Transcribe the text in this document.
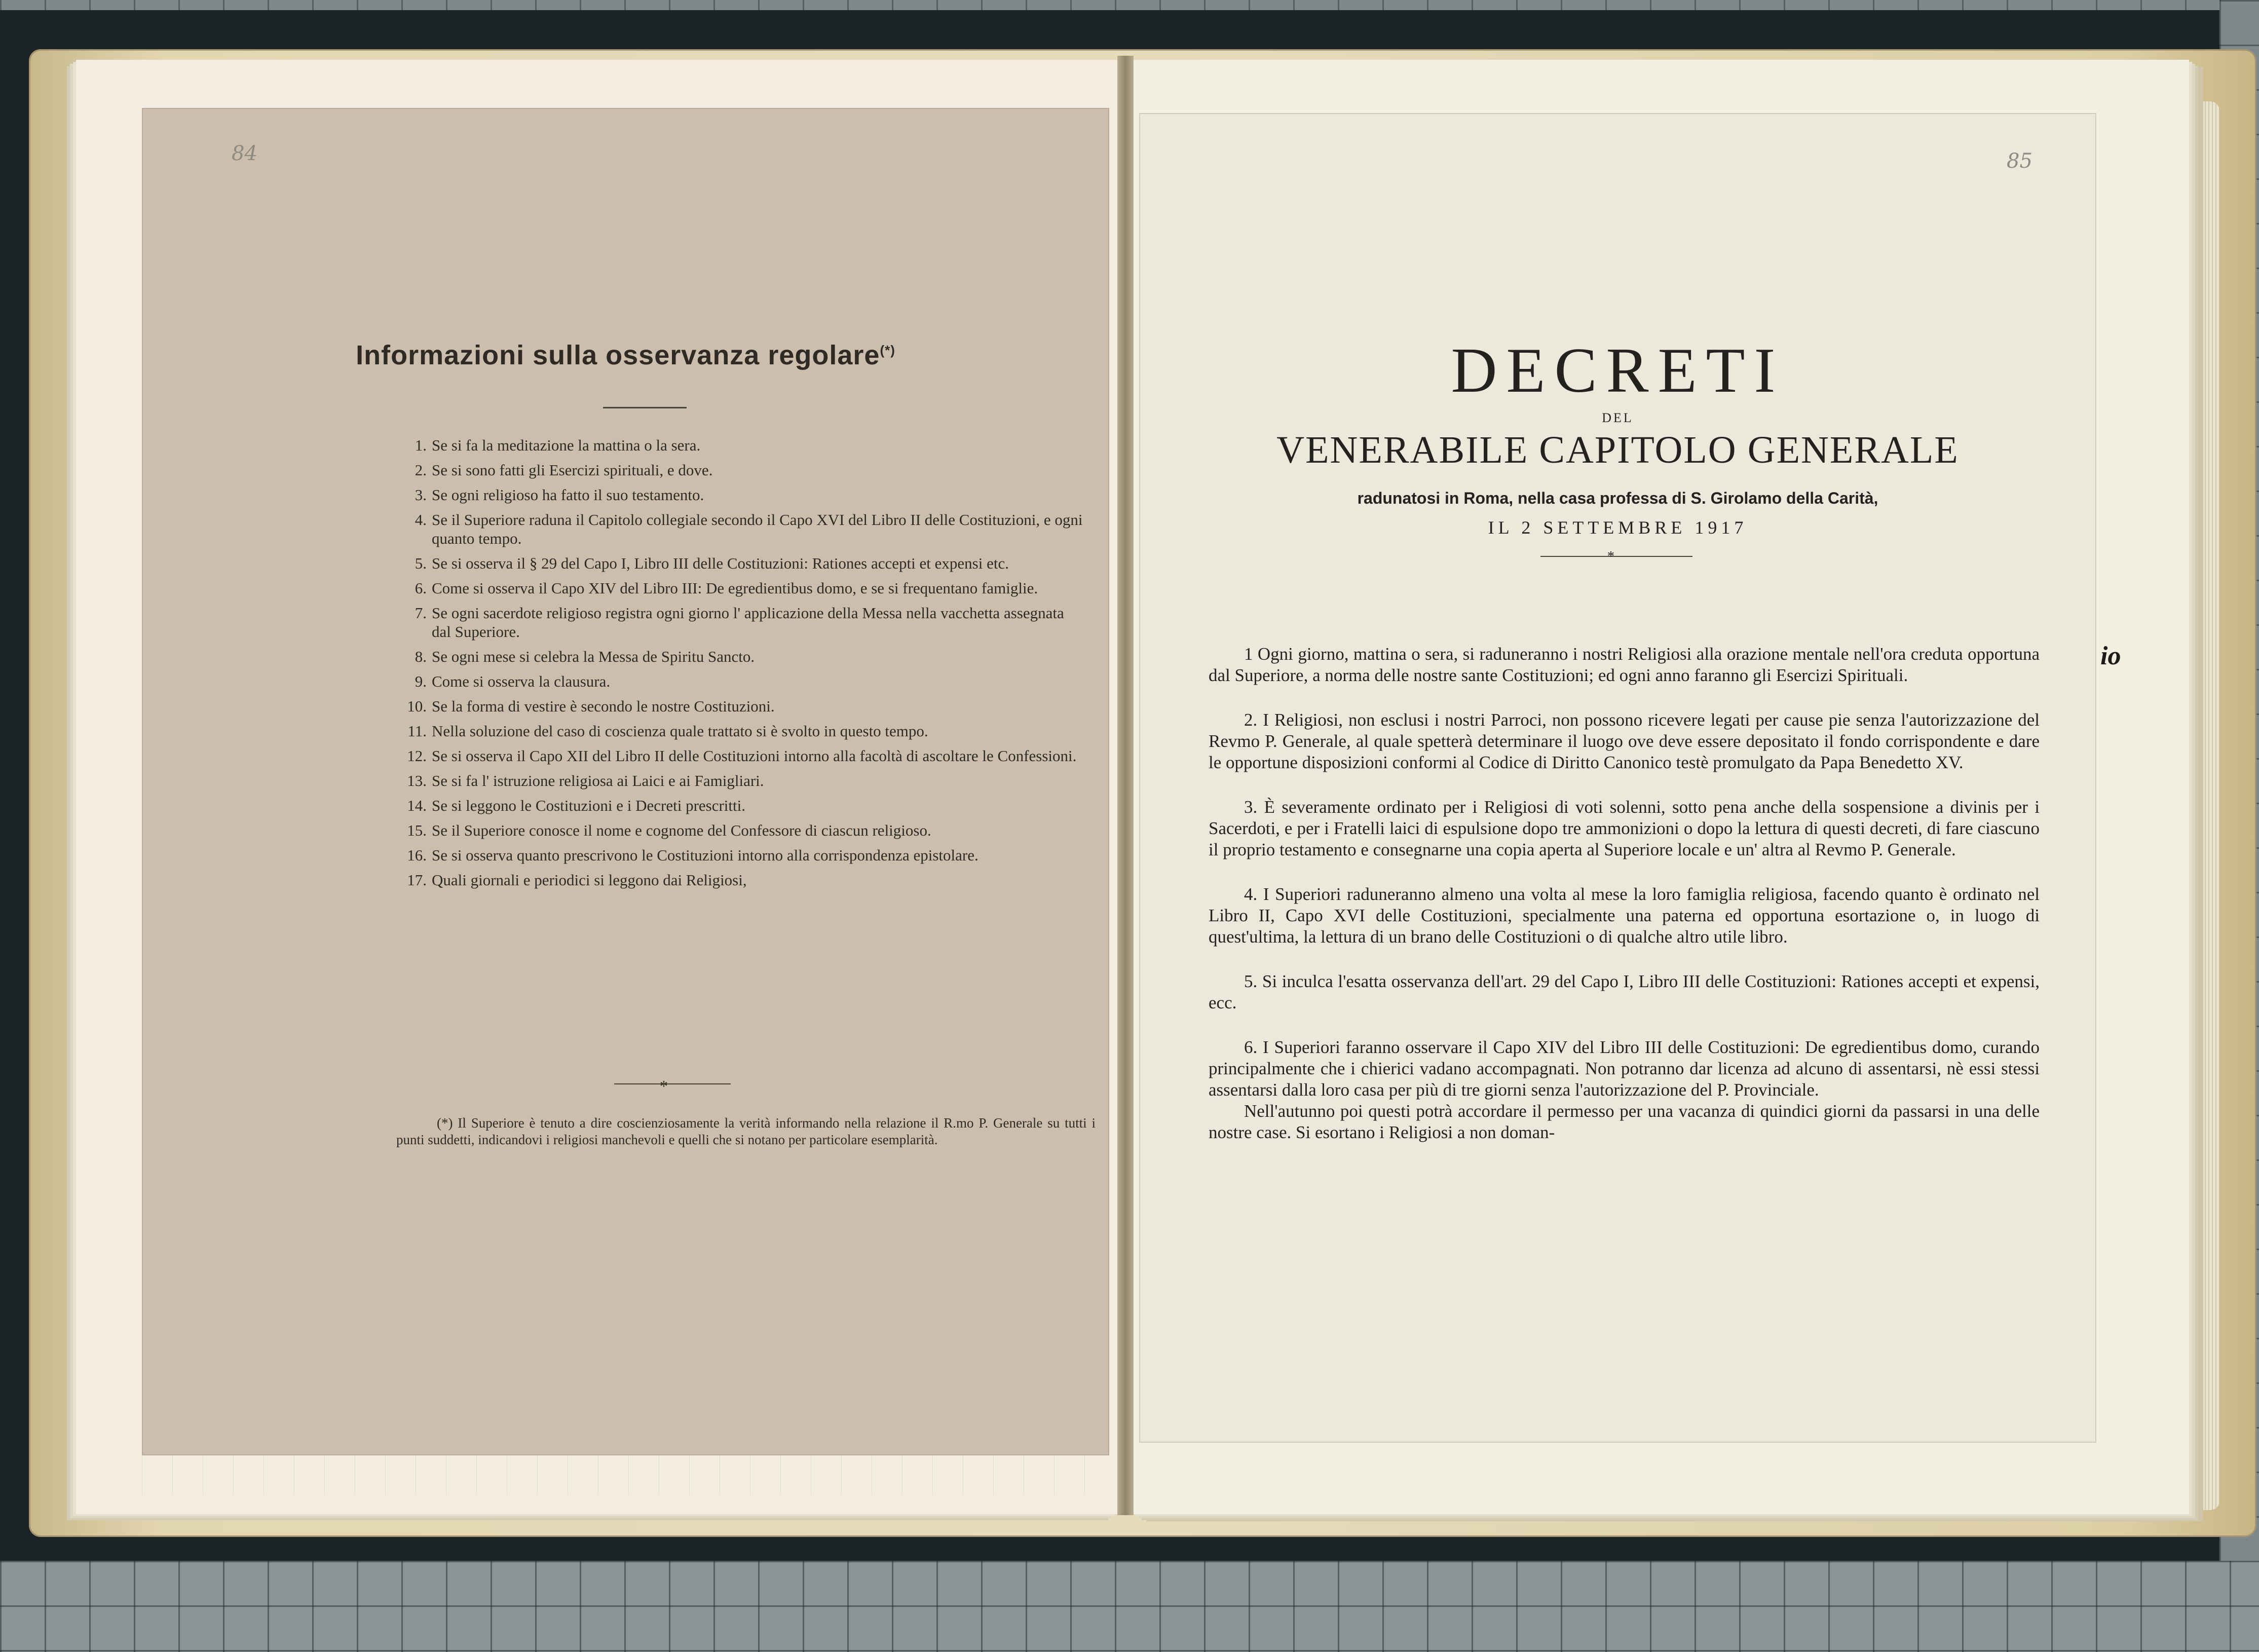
io
84
Informazioni sulla osservanza regolare(*)
1. Se si fa la meditazione la mattina o la sera.
2. Se si sono fatti gli Esercizi spirituali, e dove.
3. Se ogni religioso ha fatto il suo testamento.
4. Se il Superiore raduna il Capitolo collegiale secondo il Capo XVI del Libro II delle Costituzioni, e ogni quanto tempo.
5. Se si osserva il § 29 del Capo I, Libro III delle Costituzioni: Rationes accepti et expensi etc.
6. Come si osserva il Capo XIV del Libro III: De egredientibus domo, e se si frequentano famiglie.
7. Se ogni sacerdote religioso registra ogni giorno l' applicazione della Messa nella vacchetta assegnata dal Superiore.
8. Se ogni mese si celebra la Messa de Spiritu Sancto.
9. Come si osserva la clausura.
10. Se la forma di vestire è secondo le nostre Costituzioni.
11. Nella soluzione del caso di coscienza quale trattato si è svolto in questo tempo.
12. Se si osserva il Capo XII del Libro II delle Costituzioni intorno alla facoltà di ascoltare le Confessioni.
13. Se si fa l' istruzione religiosa ai Laici e ai Famigliari.
14. Se si leggono le Costituzioni e i Decreti prescritti.
15. Se il Superiore conosce il nome e cognome del Confessore di ciascun religioso.
16. Se si osserva quanto prescrivono le Costituzioni intorno alla corrispondenza epistolare.
17. Quali giornali e periodici si leggono dai Religiosi,
*
(*) Il Superiore è tenuto a dire coscienziosamente la verità informando nella relazione il R.mo P. Generale su tutti i punti suddetti, indicandovi i religiosi manchevoli e quelli che si notano per particolare esemplarità.
85
DECRETI
DEL
VENERABILE CAPITOLO GENERALE
radunatosi in Roma, nella casa professa di S. Girolamo della Carità,
IL 2 SETTEMBRE 1917
*

1 Ogni giorno, mattina o sera, si raduneranno i nostri Religiosi alla orazione mentale nell'ora creduta opportuna dal Superiore, a norma delle nostre sante Costituzioni; ed ogni anno faranno gli Esercizi Spirituali.

2. I Religiosi, non esclusi i nostri Parroci, non possono ricevere legati per cause pie senza l'autorizzazione del Revmo P. Generale, al quale spetterà determinare il luogo ove deve essere depositato il fondo corrispondente e dare le opportune disposizioni conformi al Codice di Diritto Canonico testè promulgato da Papa Benedetto XV.

3. È severamente ordinato per i Religiosi di voti solenni, sotto pena anche della sospensione a divinis per i Sacerdoti, e per i Fratelli laici di espulsione dopo tre ammonizioni o dopo la lettura di questi decreti, di fare ciascuno il proprio testamento e consegnarne una copia aperta al Superiore locale e un' altra al Revmo P. Generale.

4. I Superiori raduneranno almeno una volta al mese la loro famiglia religiosa, facendo quanto è ordinato nel Libro II, Capo XVI delle Costituzioni, specialmente una paterna ed opportuna esortazione o, in luogo di quest'ultima, la lettura di un brano delle Costituzioni o di qualche altro utile libro.

5. Si inculca l'esatta osservanza dell'art. 29 del Capo I, Libro III delle Costituzioni: Rationes accepti et expensi, ecc.

6. I Superiori faranno osservare il Capo XIV del Libro III delle Costituzioni: De egredientibus domo, curando principalmente che i chierici vadano accompagnati. Non potranno dar licenza ad alcuno di assentarsi, nè essi stessi assentarsi dalla loro casa per più di tre giorni senza l'autorizzazione del P. Provinciale.

Nell'autunno poi questi potrà accordare il permesso per una vacanza di quindici giorni da passarsi in una delle nostre case. Si esortano i Religiosi a non doman-
